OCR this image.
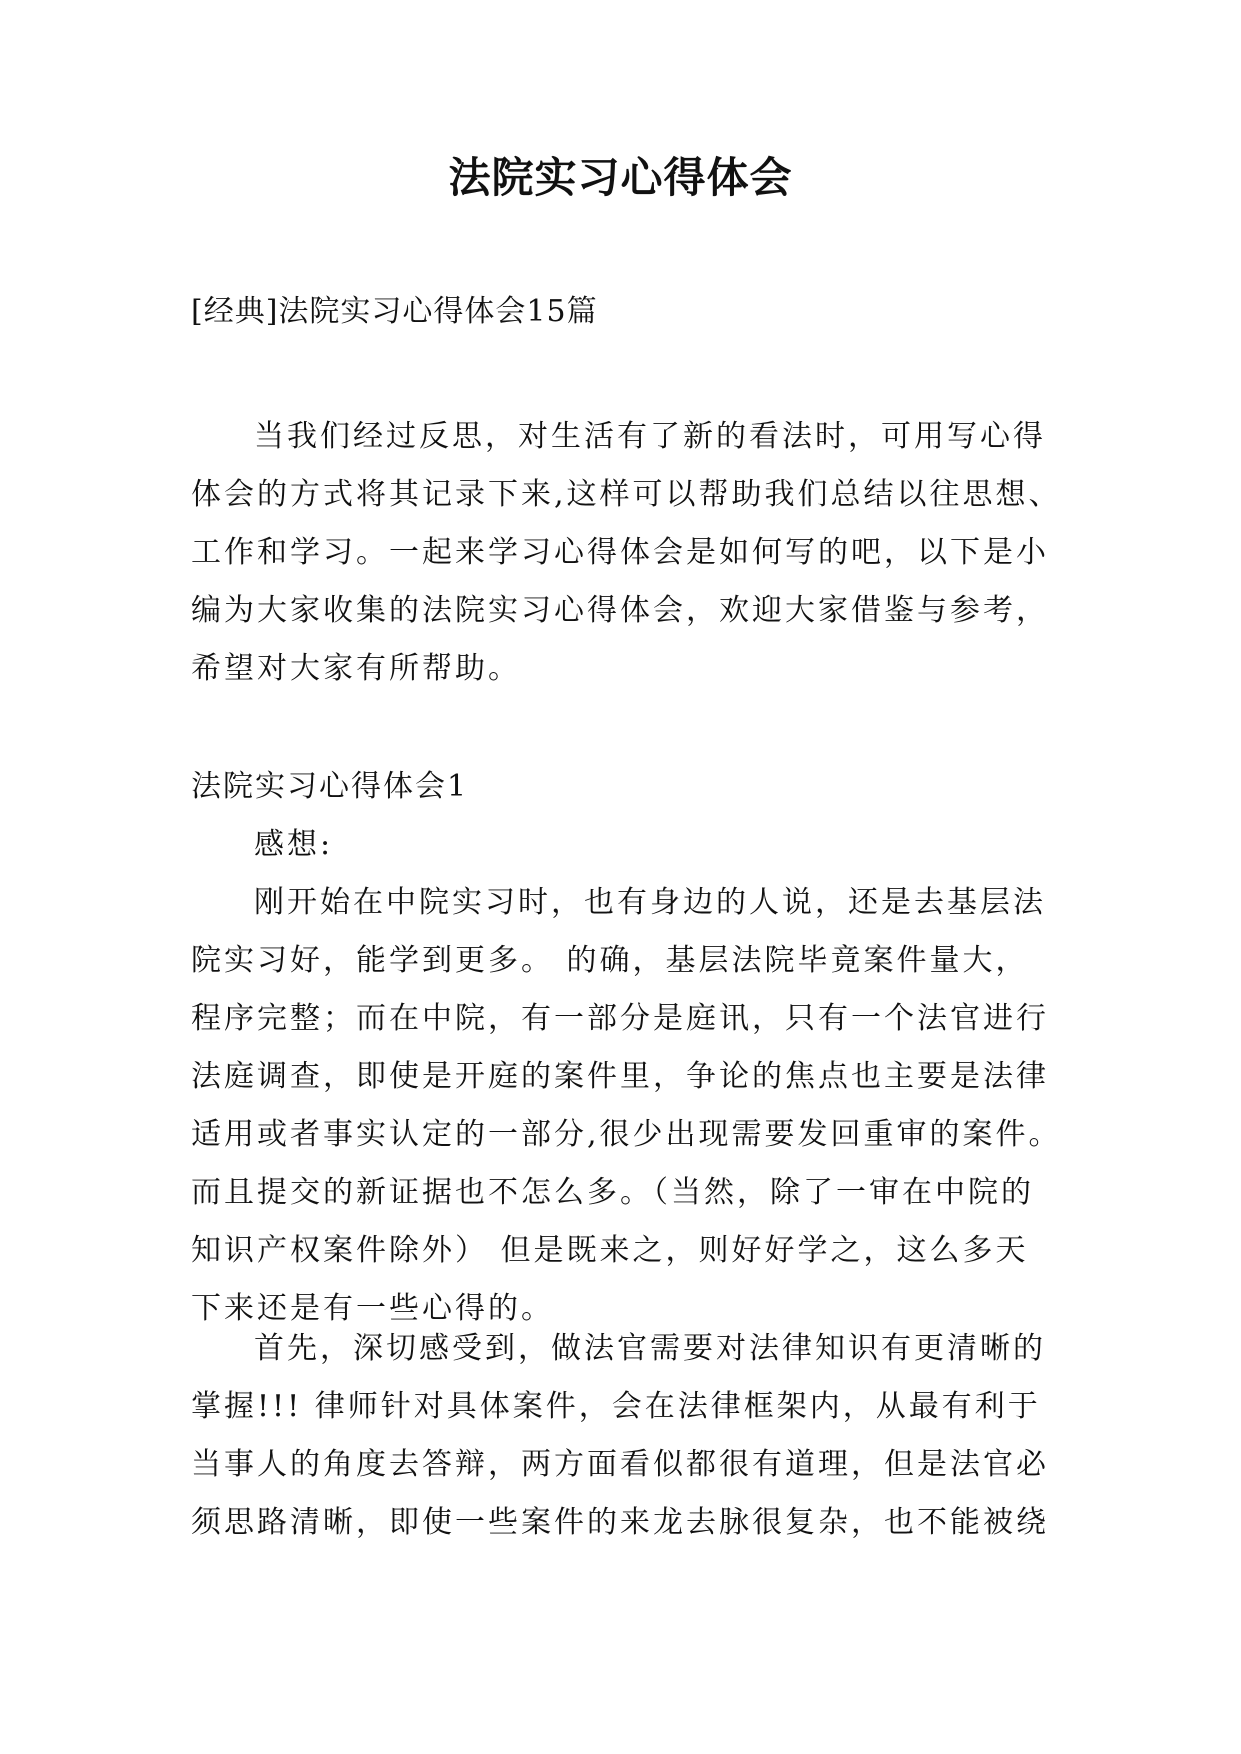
法院实习心得体会

[经典]法院实习心得体会15篇

当我们经过反思，对生活有了新的看法时，可用写心得
体会的方式将其记录下来,这样可以帮助我们总结以往思想、
工作和学习。一起来学习心得体会是如何写的吧，以下是小
编为大家收集的法院实习心得体会，欢迎大家借鉴与参考，
希望对大家有所帮助。

法院实习心得体会1

感想:
刚开始在中院实习时，也有身边的人说，还是去基层法
院实习好，能学到更多。 的确，基层法院毕竟案件量大，
程序完整；而在中院，有一部分是庭讯，只有一个法官进行
法庭调查，即使是开庭的案件里，争论的焦点也主要是法律
适用或者事实认定的一部分,很少出现需要发回重审的案件。
而且提交的新证据也不怎么多。（当然，除了一审在中院的
知识产权案件除外） 但是既来之，则好好学之，这么多天
下来还是有一些心得的。
首先，深切感受到，做法官需要对法律知识有更清晰的
掌握!!! 律师针对具体案件，会在法律框架内，从最有利于
当事人的角度去答辩，两方面看似都很有道理，但是法官必
须思路清晰，即使一些案件的来龙去脉很复杂，也不能被绕
